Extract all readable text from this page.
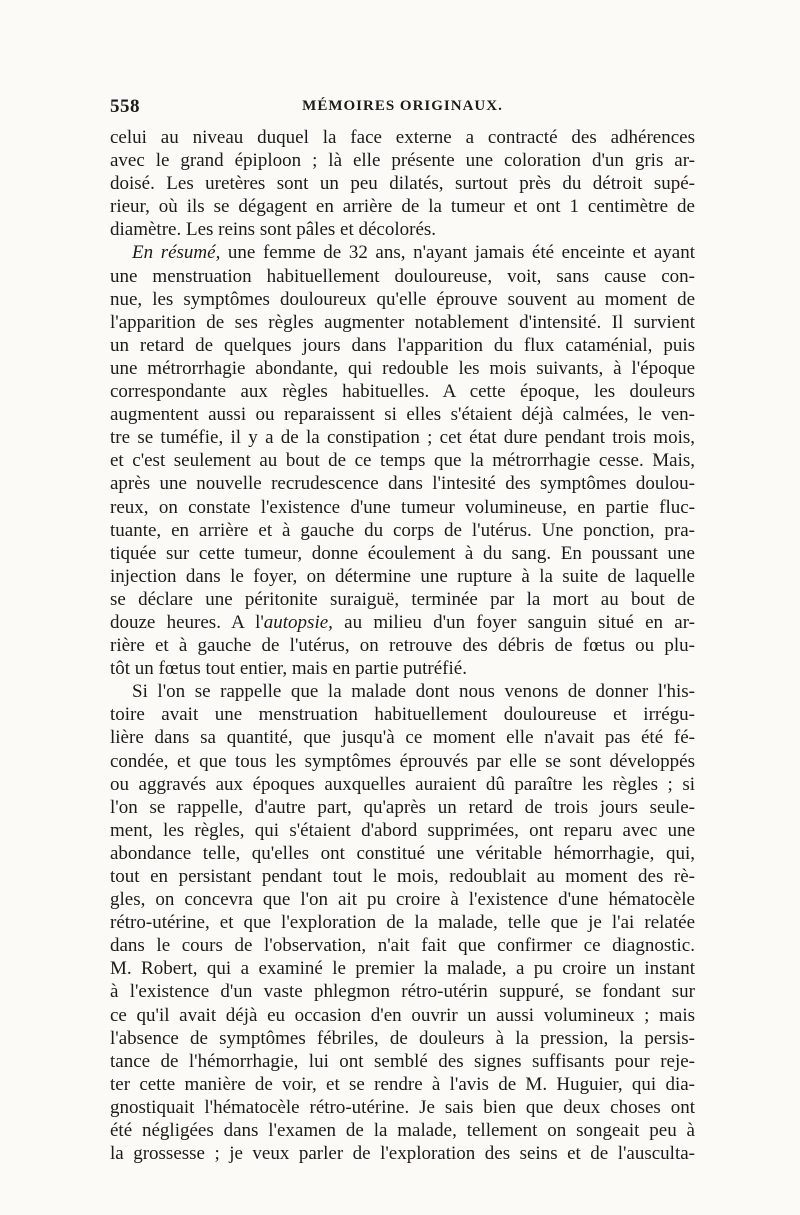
558	MÉMOIRES ORIGINAUX.
celui au niveau duquel la face externe a contracté des adhérences
avec le grand épiploon ; là elle présente une coloration d'un gris ar-
doisé. Les uretères sont un peu dilatés, surtout près du détroit supé-
rieur, où ils se dégagent en arrière de la tumeur et ont 1 centimètre de
diamètre. Les reins sont pâles et décolorés.
En résumé, une femme de 32 ans, n'ayant jamais été enceinte et ayant
une menstruation habituellement douloureuse, voit, sans cause con-
nue, les symptômes douloureux qu'elle éprouve souvent au moment de
l'apparition de ses règles augmenter notablement d'intensité. Il survient
un retard de quelques jours dans l'apparition du flux cataménial, puis
une métrorrhagie abondante, qui redouble les mois suivants, à l'époque
correspondante aux règles habituelles. A cette époque, les douleurs
augmentent aussi ou reparaissent si elles s'étaient déjà calmées, le ven-
tre se tuméfie, il y a de la constipation ; cet état dure pendant trois mois,
et c'est seulement au bout de ce temps que la métrorrhagie cesse. Mais,
après une nouvelle recrudescence dans l'intesité des symptômes doulou-
reux, on constate l'existence d'une tumeur volumineuse, en partie fluc-
tuante, en arrière et à gauche du corps de l'utérus. Une ponction, pra-
tiquée sur cette tumeur, donne écoulement à du sang. En poussant une
injection dans le foyer, on détermine une rupture à la suite de laquelle
se déclare une péritonite suraiguë, terminée par la mort au bout de
douze heures. A l'autopsie, au milieu d'un foyer sanguin situé en ar-
rière et à gauche de l'utérus, on retrouve des débris de fœtus ou plu-
tôt un fœtus tout entier, mais en partie putréfié.
Si l'on se rappelle que la malade dont nous venons de donner l'his-
toire avait une menstruation habituellement douloureuse et irrégu-
lière dans sa quantité, que jusqu'à ce moment elle n'avait pas été fé-
condée, et que tous les symptômes éprouvés par elle se sont développés
ou aggravés aux époques auxquelles auraient dû paraître les règles ; si
l'on se rappelle, d'autre part, qu'après un retard de trois jours seule-
ment, les règles, qui s'étaient d'abord supprimées, ont reparu avec une
abondance telle, qu'elles ont constitué une véritable hémorrhagie, qui,
tout en persistant pendant tout le mois, redoublait au moment des rè-
gles, on concevra que l'on ait pu croire à l'existence d'une hématocèle
rétro-utérine, et que l'exploration de la malade, telle que je l'ai relatée
dans le cours de l'observation, n'ait fait que confirmer ce diagnostic.
M. Robert, qui a examiné le premier la malade, a pu croire un instant
à l'existence d'un vaste phlegmon rétro-utérin suppuré, se fondant sur
ce qu'il avait déjà eu occasion d'en ouvrir un aussi volumineux ; mais
l'absence de symptômes fébriles, de douleurs à la pression, la persis-
tance de l'hémorrhagie, lui ont semblé des signes suffisants pour reje-
ter cette manière de voir, et se rendre à l'avis de M. Huguier, qui dia-
gnostiquait l'hématocèle rétro-utérine. Je sais bien que deux choses ont
été négligées dans l'examen de la malade, tellement on songeait peu à
la grossesse ; je veux parler de l'exploration des seins et de l'ausculta-
